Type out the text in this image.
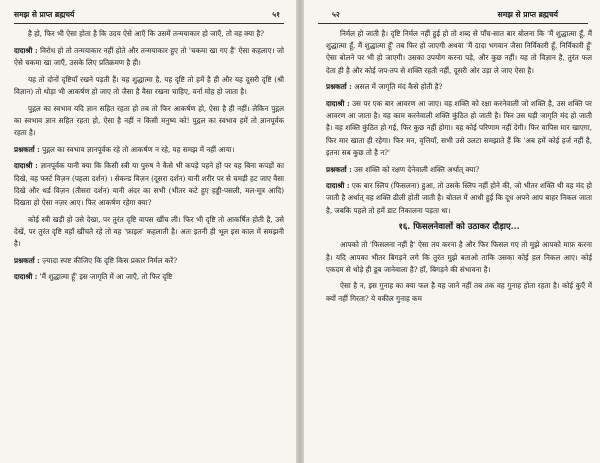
समझ से प्राप्त ब्रह्मचर्य	५१

है हो, फिर भी ऐसा होता है कि उदय ऐसे आएँ कि उसमें तन्मयाकार हो जाएँ, तो वह क्या है?

दादाश्री : विरोध हो तो तन्मयाकार नहीं होते और तन्मयाकार हुए तो 'चकमा खा गए हैं' ऐसा कहलाए। जो ऐसे चकमा खा जाएँ, उसके लिए प्रतिक्रमण है ही।

यह तो दोनों दृष्टियाँ रखने पड़ती हैं। यह शुद्धात्मा है, यह दृष्टि तो हमें है ही और यह दूसरी दृष्टि (श्री विज्ञान) तो थोड़ा भी आकर्षण हो जाए तो जैसा है वैसा रखना चाहिए, वर्ना मोह हो जाता है।

पुद्गल का स्वभाव यदि ज्ञान सहित रहता हो तब तो फिर आकर्षण हो, ऐसा है ही नहीं। लेकिन पुद्गल का स्वभाव ज्ञान सहित रहता हो, ऐसा है नहीं न किसी मनुष्य को! पुद्गल का स्वभाव हमें तो ज्ञानपूर्वक रहता है।

प्रश्नकर्ता : पुद्गल का स्वभाव ज्ञानपूर्वक रहे तो आकर्षण न रहे, यह समझ में नहीं आया।

दादाश्री : ज्ञानपूर्वक यानी क्या कि किसी स्त्री या पुरुष ने कैसे भी कपड़े पहने हों पर वह बिना कपड़ों का दिखे, वह फर्स्ट विज़न (पहला दर्शन) । सेकन्ड विज़न (दूसरा दर्शन) यानी शरीर पर से चमड़ी हट जाए वैसा दिखे और थर्ड विज़न (तीसरा दर्शन) यानी अंदर का सभी (भीतर कटे हुए हड्डी-पसली, मल-मूत्र आदि) दिखता हो ऐसा नज़र आए। फिर आकर्षण रहेगा क्या?

कोई स्त्री खड़ी हो उसे देखा, पर तुरंत दृष्टि वापस खींच ली। फिर भी दृष्टि तो आकर्षित होती है, उसे देखें, पर तुरंत दृष्टि वहाँ खींचते रहे तो वह 'फ़ाइल' कहलाती है। अतः इतनी ही भूल इस काल में समझनी है।

प्रश्नकर्ता : ज़्यादा स्पष्ट कीजिए कि दृष्टि किस प्रकार निर्मल करें?

दादाश्री : 'मैं शुद्धात्मा हूँ' इस जागृति में आ जाएँ, तो फिर दृष्टि

५२	समझ से प्राप्त ब्रह्मचर्य

निर्मल हो जाती है। दृष्टि निर्मल नहीं हुई हो तो शब्द से पाँच-सात बार बोलना कि 'मैं शुद्धात्मा हूँ, मैं शुद्धात्मा हूँ, मैं शुद्धात्मा हूँ' तब फिर हो जाएगी अथवा 'मैं दादा भगवान जैसा निर्विकारी हूँ, निर्विकारी हूँ' ऐसा बोलने पर भी हो जाएगी। उसका उपयोग करना पड़े, और कुछ नहीं। यह तो विज्ञान है, तुरंत फल देता ही है और कोई जप-तप से शक्ति रहती नहीं, दूसरी ओर उड़ा ले जाए ऐसा है।

प्रश्नकर्ता : असल में जागृति मंद कैसे होती है?

दादाश्री : उस पर एक बार आवरण आ जाए। वह शक्ति को रक्षा करनेवाली जो शक्ति है, उस शक्ति पर आवरण आ जाता है। यह काम करनेवाली शक्ति कुंठित हो जाती है। फिर उस घड़ी जागृति मंद हो जाती है। वह शक्ति कुंठित हो गई, फिर कुछ नहीं होगा। वह कोई परिणाम नहीं देगी। फिर वापिस मार खाएगा, फिर मार खाता ही रहेगा। फिर मन, वृत्तियाँ, सभी उसे उलटा समझाते हैं कि 'अब हमें कोई हर्ज नहीं है, इतना सब कुछ तो है न?'

प्रश्नकर्ता : उस शक्ति को रक्षण देनेवाली शक्ति अर्थात् क्या?

दादाश्री : एक बार स्लिप (फिसलना) हुआ, तो उसके स्लिप नहीं होने की, जो भीतर शक्ति थी वह मंद हो जाती है अर्थात् वह शक्ति ढीली होती जाती है। बोतल में आधी हुई कि दूध अपने आप बाहर निकल जाता है, जबकि पहले तो हमें डाट निकालना पड़ता था।

१६. फिसलनेवालों को उठाकर दौड़ाए...

आपको तो 'फिसलना नहीं है' ऐसा तय करना है और फिर फिसल गए तो मुझे आपको माफ़ करना है। यदि आपका भीतर बिगड़ने लगे कि तुरंत मुझे बताओ ताकि उसका कोई हल निकल आए। कोई एकदम से थोड़े ही डूब जानेवाला है? हाँ, बिगड़ने की संभावना है।

ऐसा है न, इस गुनाह का क्या फल है यह जाने नहीं तब तक वह गुनाह होता रहता है। कोई कुएँ में क्यों नहीं गिरता? ये वकील गुनाह कम
